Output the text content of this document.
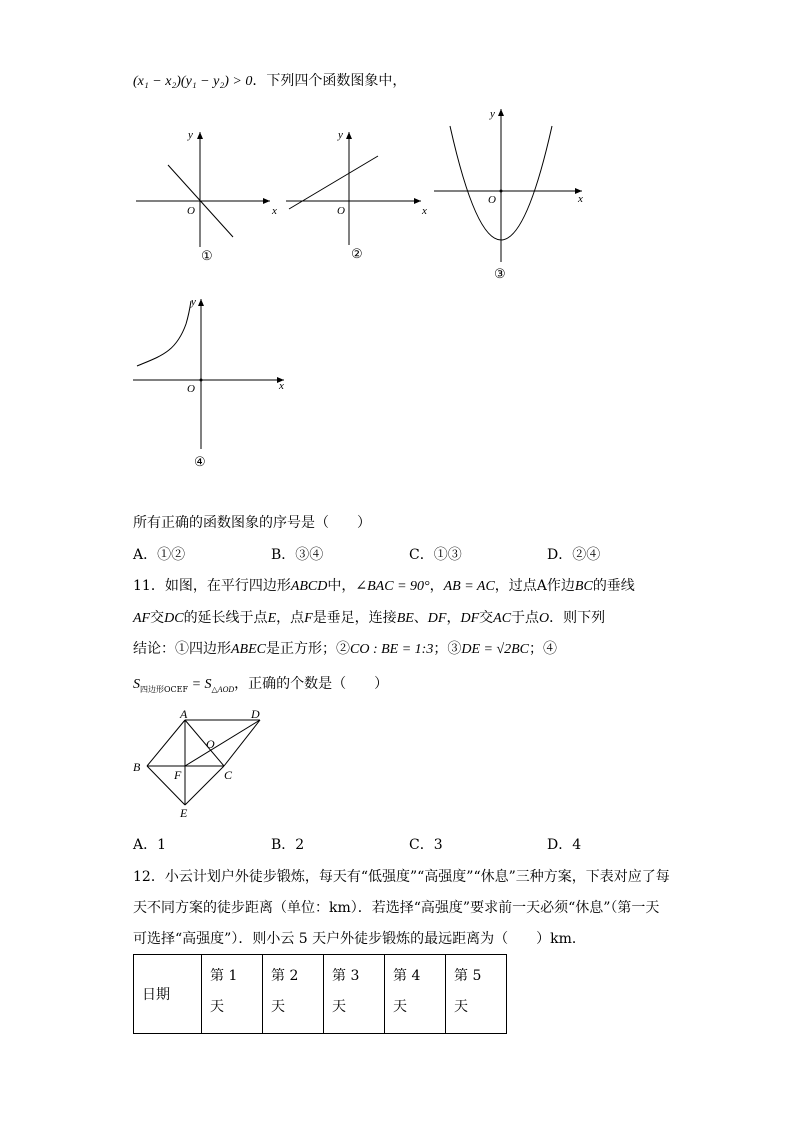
(x₁ − x₂)(y₁ − y₂) > 0．下列四个函数图象中，
x
y
O
①
x
y
O
②
x
y
O
③
x
y
O
④
所有正确的函数图象的序号是（　　）
A．①②	B．③④	C．①③	D．②④
11．如图，在平行四边形ABCD中，∠BAC = 90°，AB = AC，过点A作边BC的垂线
AF交DC的延长线于点E，点F是垂足，连接BE、DF，DF交AC于点O．则下列
结论：①四边形ABEC是正方形；②CO : BE = 1:3；③DE = √2BC；④
$S_{四边形OCEF} = S_{\triangle AOD}$，正确的个数是（　　）
A
B
C
D
E
F
O
A．1	B．2	C．3	D．4
12．小云计划户外徒步锻炼，每天有“低强度”“高强度”“休息”三种方案，下表对应了每
天不同方案的徒步距离（单位：km）．若选择“高强度”要求前一天必须“休息”（第一天
可选择“高强度”）．则小云 5 天户外徒步锻炼的最远距离为（　　）km．
日期	第 1
天	第 2
天	第 3
天	第 4
天	第 5
天
